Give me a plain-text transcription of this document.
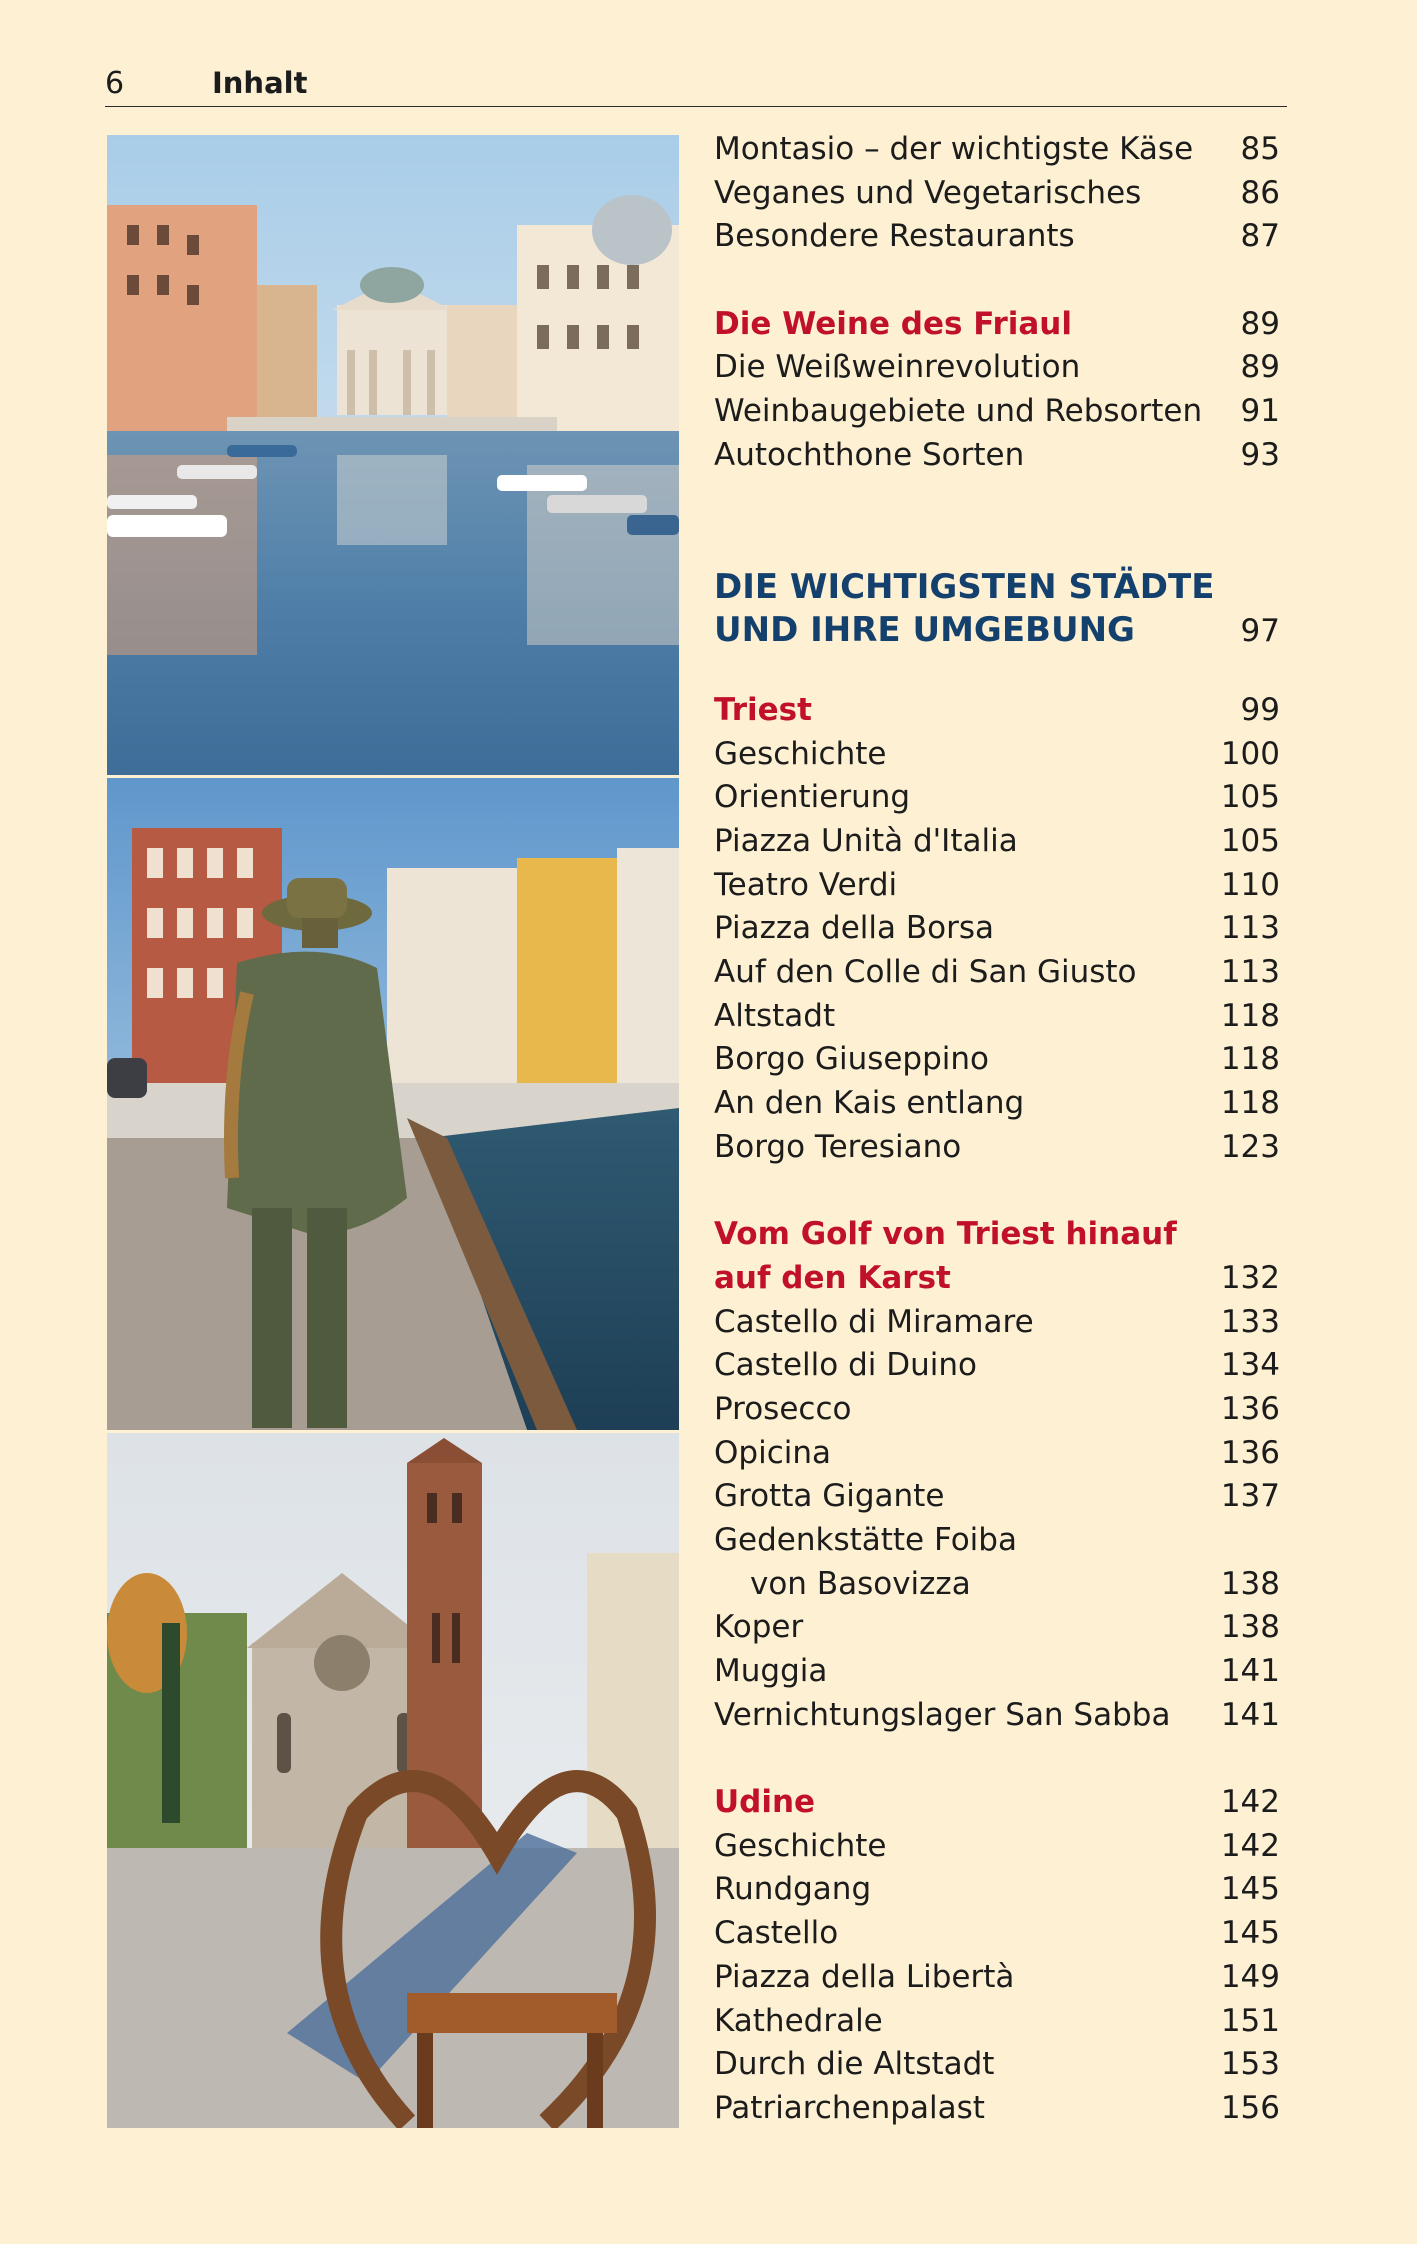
6	Inhalt
Montasio – der wichtigste Käse 85
Veganes und Vegetarisches	86
Besondere Restaurants	87
Die Weine des Friaul	89
Die Weißweinrevolution	89
Weinbaugebiete und Rebsorten 91
Autochthone Sorten	93
DIE WICHTIGSTEN STÄDTE
UND IHRE UMGEBUNG	97
Triest	99
Geschichte	100
Orientierung	105
Piazza Unità d'Italia	105
Teatro Verdi	110
Piazza della Borsa	113
Auf den Colle di San Giusto	113
Altstadt	118
Borgo Giuseppino	118
An den Kais entlang	118
Borgo Teresiano	123
Vom Golf von Triest hinauf
auf den Karst	132
Castello di Miramare	133
Castello di Duino	134
Prosecco	136
Opicina	136
Grotta Gigante	137
Gedenkstätte Foiba
von Basovizza	138
Koper	138
Muggia	141
Vernichtungslager San Sabba 141
Udine	142
Geschichte	142
Rundgang	145
Castello	145
Piazza della Libertà	149
Kathedrale	151
Durch die Altstadt	153
Patriarchenpalast	156
